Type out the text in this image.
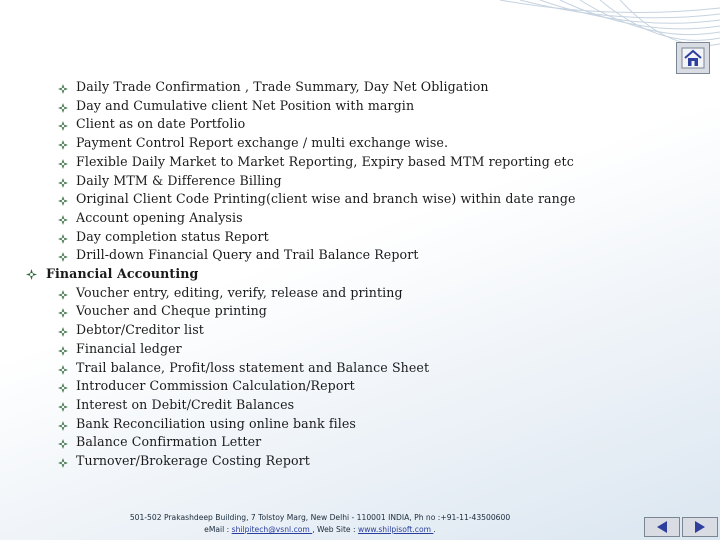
Daily Trade Confirmation , Trade Summary, Day Net Obligation
Day and Cumulative client Net Position with margin
Client as on date Portfolio
Payment Control Report exchange / multi exchange wise.
Flexible Daily Market to Market Reporting, Expiry based MTM reporting etc
Daily MTM & Difference Billing
Original Client Code Printing(client wise and branch wise) within date range
Account opening Analysis
Day completion status Report
Drill-down Financial Query and Trail Balance Report
Financial Accounting
Voucher entry, editing, verify, release and printing
Voucher and Cheque printing
Debtor/Creditor list
Financial ledger
Trail balance, Profit/loss statement and Balance Sheet
Introducer Commission Calculation/Report
Interest on Debit/Credit Balances
Bank Reconciliation using online bank files
Balance Confirmation Letter
Turnover/Brokerage Costing Report
501-502 Prakashdeep Building, 7 Tolstoy Marg, New Delhi - 110001 INDIA, Ph no :+91-11-43500600
eMail : shilpitech@vsnl.com , Web Site : www.shilpisoft.com .
